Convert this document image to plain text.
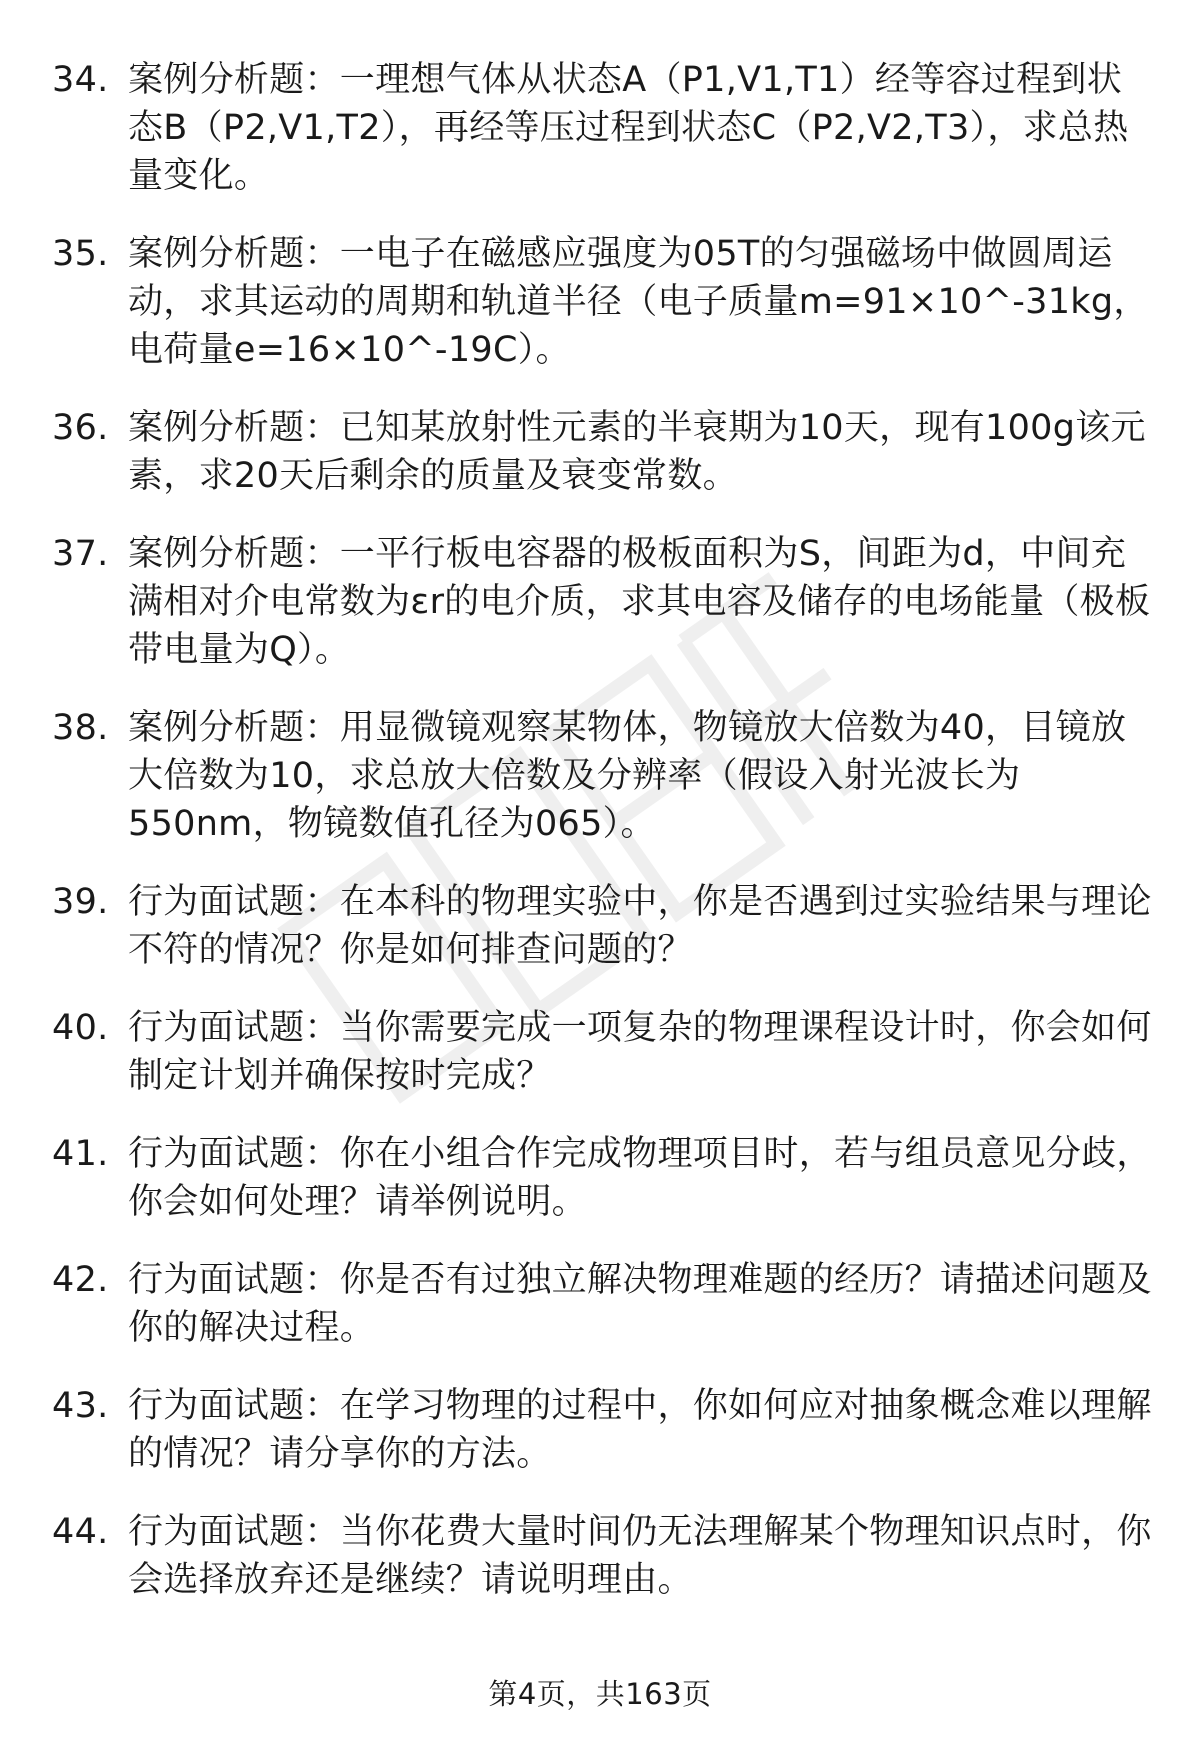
34. 案例分析题：一理想气体从状态A（P1,V1,T1）经等容过程到状态B（P2,V1,T2），再经等压过程到状态C（P2,V2,T3），求总热量变化。
35. 案例分析题：一电子在磁感应强度为05T的匀强磁场中做圆周运动，求其运动的周期和轨道半径（电子质量m=91×10^-31kg，电荷量e=16×10^-19C）。
36. 案例分析题：已知某放射性元素的半衰期为10天，现有100g该元素，求20天后剩余的质量及衰变常数。
37. 案例分析题：一平行板电容器的极板面积为S，间距为d，中间充满相对介电常数为εr的电介质，求其电容及储存的电场能量（极板带电量为Q）。
38. 案例分析题：用显微镜观察某物体，物镜放大倍数为40，目镜放大倍数为10，求总放大倍数及分辨率（假设入射光波长为550nm，物镜数值孔径为065）。
39. 行为面试题：在本科的物理实验中，你是否遇到过实验结果与理论不符的情况？你是如何排查问题的？
40. 行为面试题：当你需要完成一项复杂的物理课程设计时，你会如何制定计划并确保按时完成？
41. 行为面试题：你在小组合作完成物理项目时，若与组员意见分歧，你会如何处理？请举例说明。
42. 行为面试题：你是否有过独立解决物理难题的经历？请描述问题及你的解决过程。
43. 行为面试题：在学习物理的过程中，你如何应对抽象概念难以理解的情况？请分享你的方法。
44. 行为面试题：当你花费大量时间仍无法理解某个物理知识点时，你会选择放弃还是继续？请说明理由。
第4页，共163页
